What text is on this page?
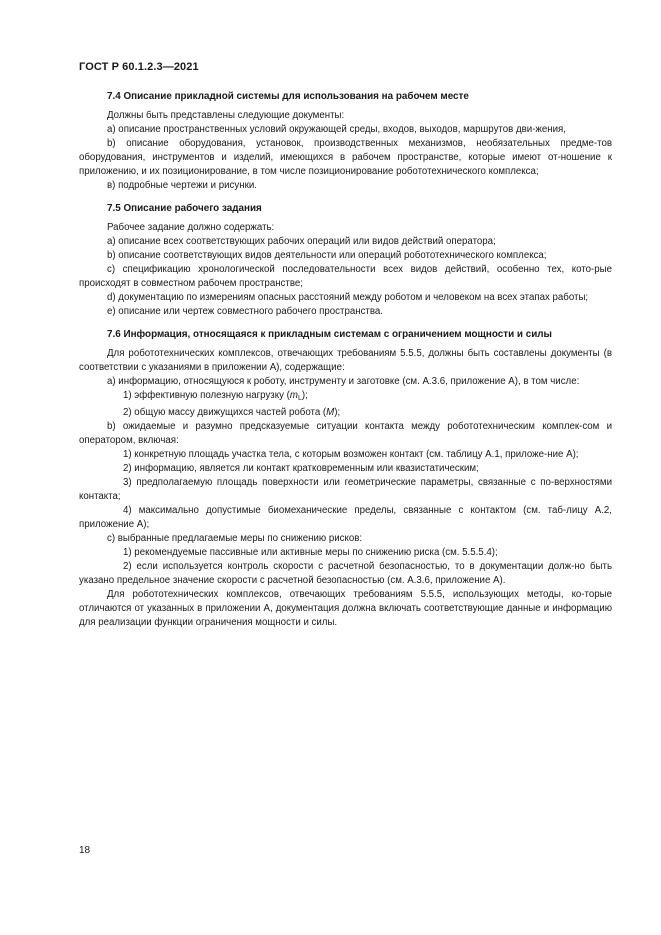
ГОСТ Р 60.1.2.3—2021
7.4 Описание прикладной системы для использования на рабочем месте

Должны быть представлены следующие документы:

а) описание пространственных условий окружающей среды, входов, выходов, маршрутов дви-жения,

b) описание оборудования, установок, производственных механизмов, необязательных предме-тов оборудования, инструментов и изделий, имеющихся в рабочем пространстве, которые имеют от-ношение к приложению, и их позиционирование, в том числе позиционирование робототехнического комплекса;

в) подробные чертежи и рисунки.

7.5 Описание рабочего задания

Рабочее задание должно содержать:

а) описание всех соответствующих рабочих операций или видов действий оператора;

b) описание соответствующих видов деятельности или операций робототехнического комплекса;

с) спецификацию хронологической последовательности всех видов действий, особенно тех, кото-рые происходят в совместном рабочем пространстве;

d) документацию по измерениям опасных расстояний между роботом и человеком на всех этапах работы;

е) описание или чертеж совместного рабочего пространства.

7.6 Информация, относящаяся к прикладным системам с ограничением мощности и силы

Для робототехнических комплексов, отвечающих требованиям 5.5.5, должны быть составлены документы (в соответствии с указаниями в приложении А), содержащие:

а) информацию, относящуюся к роботу, инструменту и заготовке (см. А.3.6, приложение А), в том числе:

1) эффективную полезную нагрузку $(m_L)$;

2) общую массу движущихся частей робота (M);

b) ожидаемые и разумно предсказуемые ситуации контакта между робототехническим комплек-сом и оператором, включая:

1) конкретную площадь участка тела, с которым возможен контакт (см. таблицу А.1, приложе-ние А);

2) информацию, является ли контакт кратковременным или квазистатическим;

3) предполагаемую площадь поверхности или геометрические параметры, связанные с по-верхностями контакта;

4) максимально допустимые биомеханические пределы, связанные с контактом (см. таб-лицу А.2, приложение А);

с) выбранные предлагаемые меры по снижению рисков:

1) рекомендуемые пассивные или активные меры по снижению риска (см. 5.5.5.4);

2) если используется контроль скорости с расчетной безопасностью, то в документации долж-но быть указано предельное значение скорости с расчетной безопасностью (см. А.3.6, приложение А).

Для робототехнических комплексов, отвечающих требованиям 5.5.5, использующих методы, ко-торые отличаются от указанных в приложении А, документация должна включать соответствующие данные и информацию для реализации функции ограничения мощности и силы.

18
